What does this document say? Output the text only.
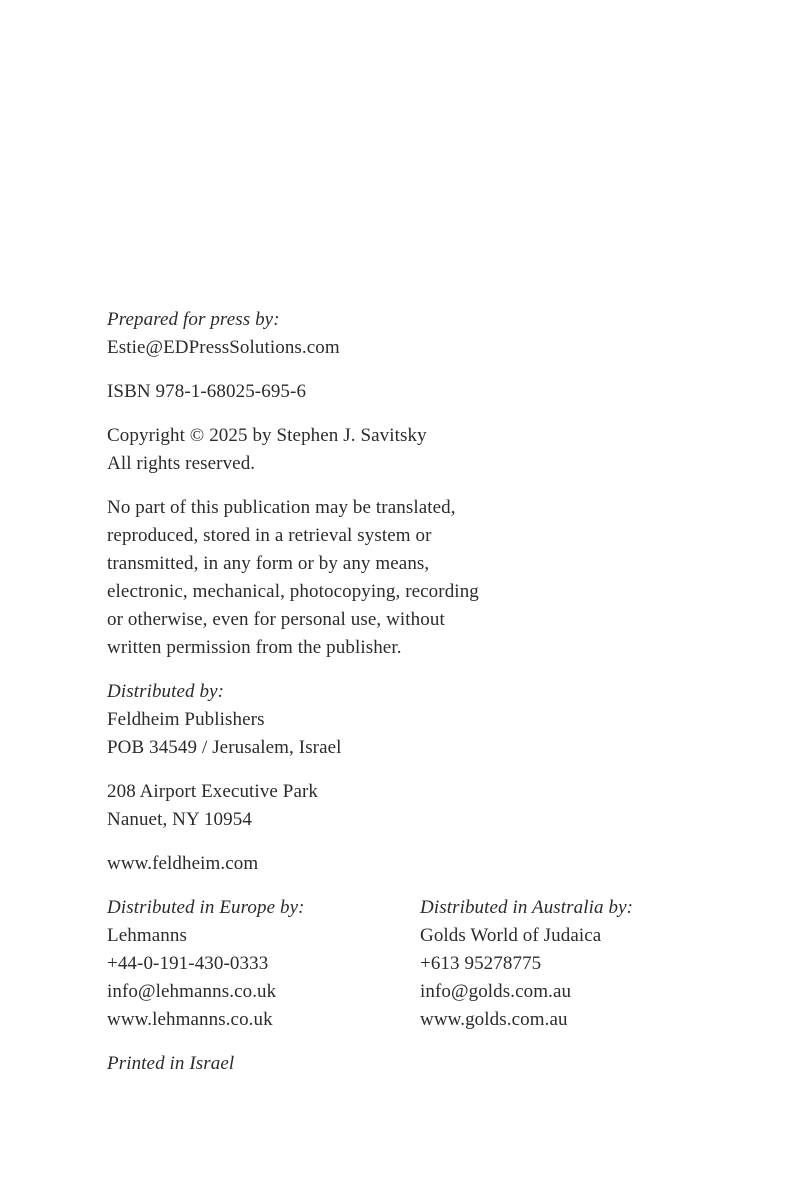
Prepared for press by:

Estie@EDPressSolutions.com

ISBN 978-1-68025-695-6

Copyright © 2025 by Stephen J. Savitsky

All rights reserved.

No part of this publication may be translated,

reproduced, stored in a retrieval system or

transmitted, in any form or by any means,

electronic, mechanical, photocopying, recording

or otherwise, even for personal use, without

written permission from the publisher.

Distributed by:

Feldheim Publishers

POB 34549 / Jerusalem, Israel

208 Airport Executive Park

Nanuet, NY 10954

www.feldheim.com

Distributed in Europe by:

Lehmanns

+44-0-191-430-0333

info@lehmanns.co.uk

www.lehmanns.co.uk

Distributed in Australia by:

Golds World of Judaica

+613 95278775

info@golds.com.au

www.golds.com.au

Printed in Israel
